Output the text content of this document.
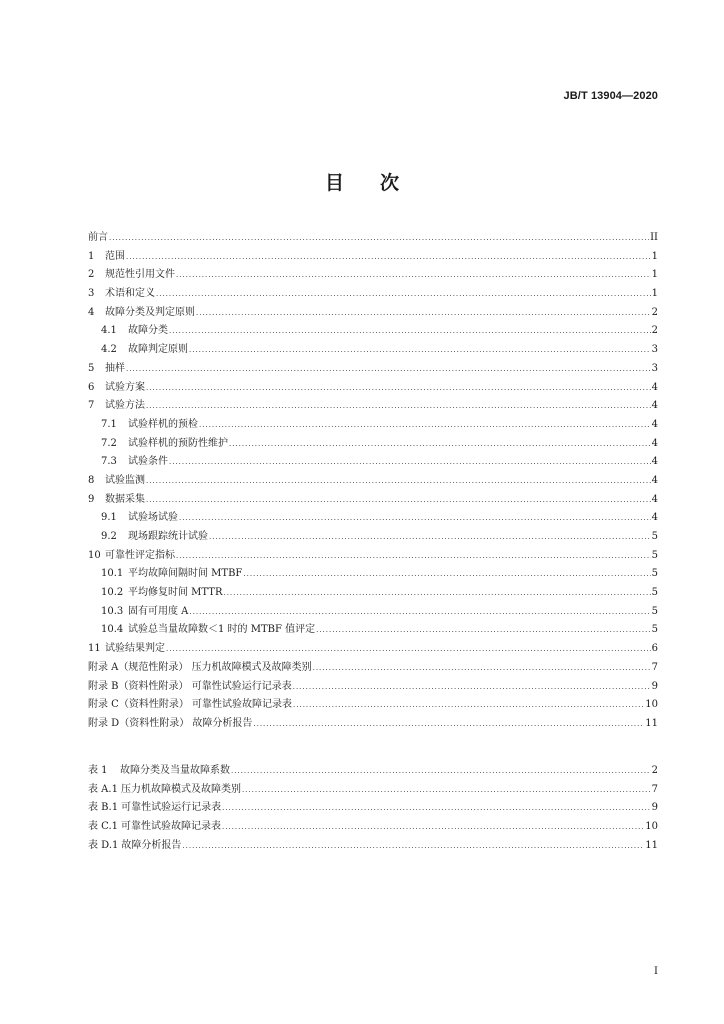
JB/T 13904—2020
目次
前言 .....	II
1 范围 .....	1
2 规范性引用文件 .....	1
3 术语和定义 .....	1
4 故障分类及判定原则 .....	2
4.1 故障分类 .....	2
4.2 故障判定原则 .....	3
5 抽样 .....	3
6 试验方案 .....	4
7 试验方法 .....	4
7.1 试验样机的预检 .....	4
7.2 试验样机的预防性维护 .....	4
7.3 试验条件 .....	4
8 试验监测 .....	4
9 数据采集 .....	4
9.1 试验场试验 .....	4
9.2 现场跟踪统计试验 .....	5
10 可靠性评定指标 .....	5
10.1 平均故障间隔时间 MTBF .....	5
10.2 平均修复时间 MTTR .....	5
10.3 固有可用度 A .....	5
10.4 试验总当量故障数＜1 时的 MTBF 值评定 .....	5
11 试验结果判定 .....	6
附录 A（规范性附录） 压力机故障模式及故障类别 .....	7
附录 B（资料性附录） 可靠性试验运行记录表 .....	9
附录 C（资料性附录） 可靠性试验故障记录表 .....	10
附录 D（资料性附录） 故障分析报告 .....	11
表 1 故障分类及当量故障系数 .....	2
表 A.1 压力机故障模式及故障类别 .....	7
表 B.1 可靠性试验运行记录表 .....	9
表 C.1 可靠性试验故障记录表 .....	10
表 D.1 故障分析报告 .....	11
I
